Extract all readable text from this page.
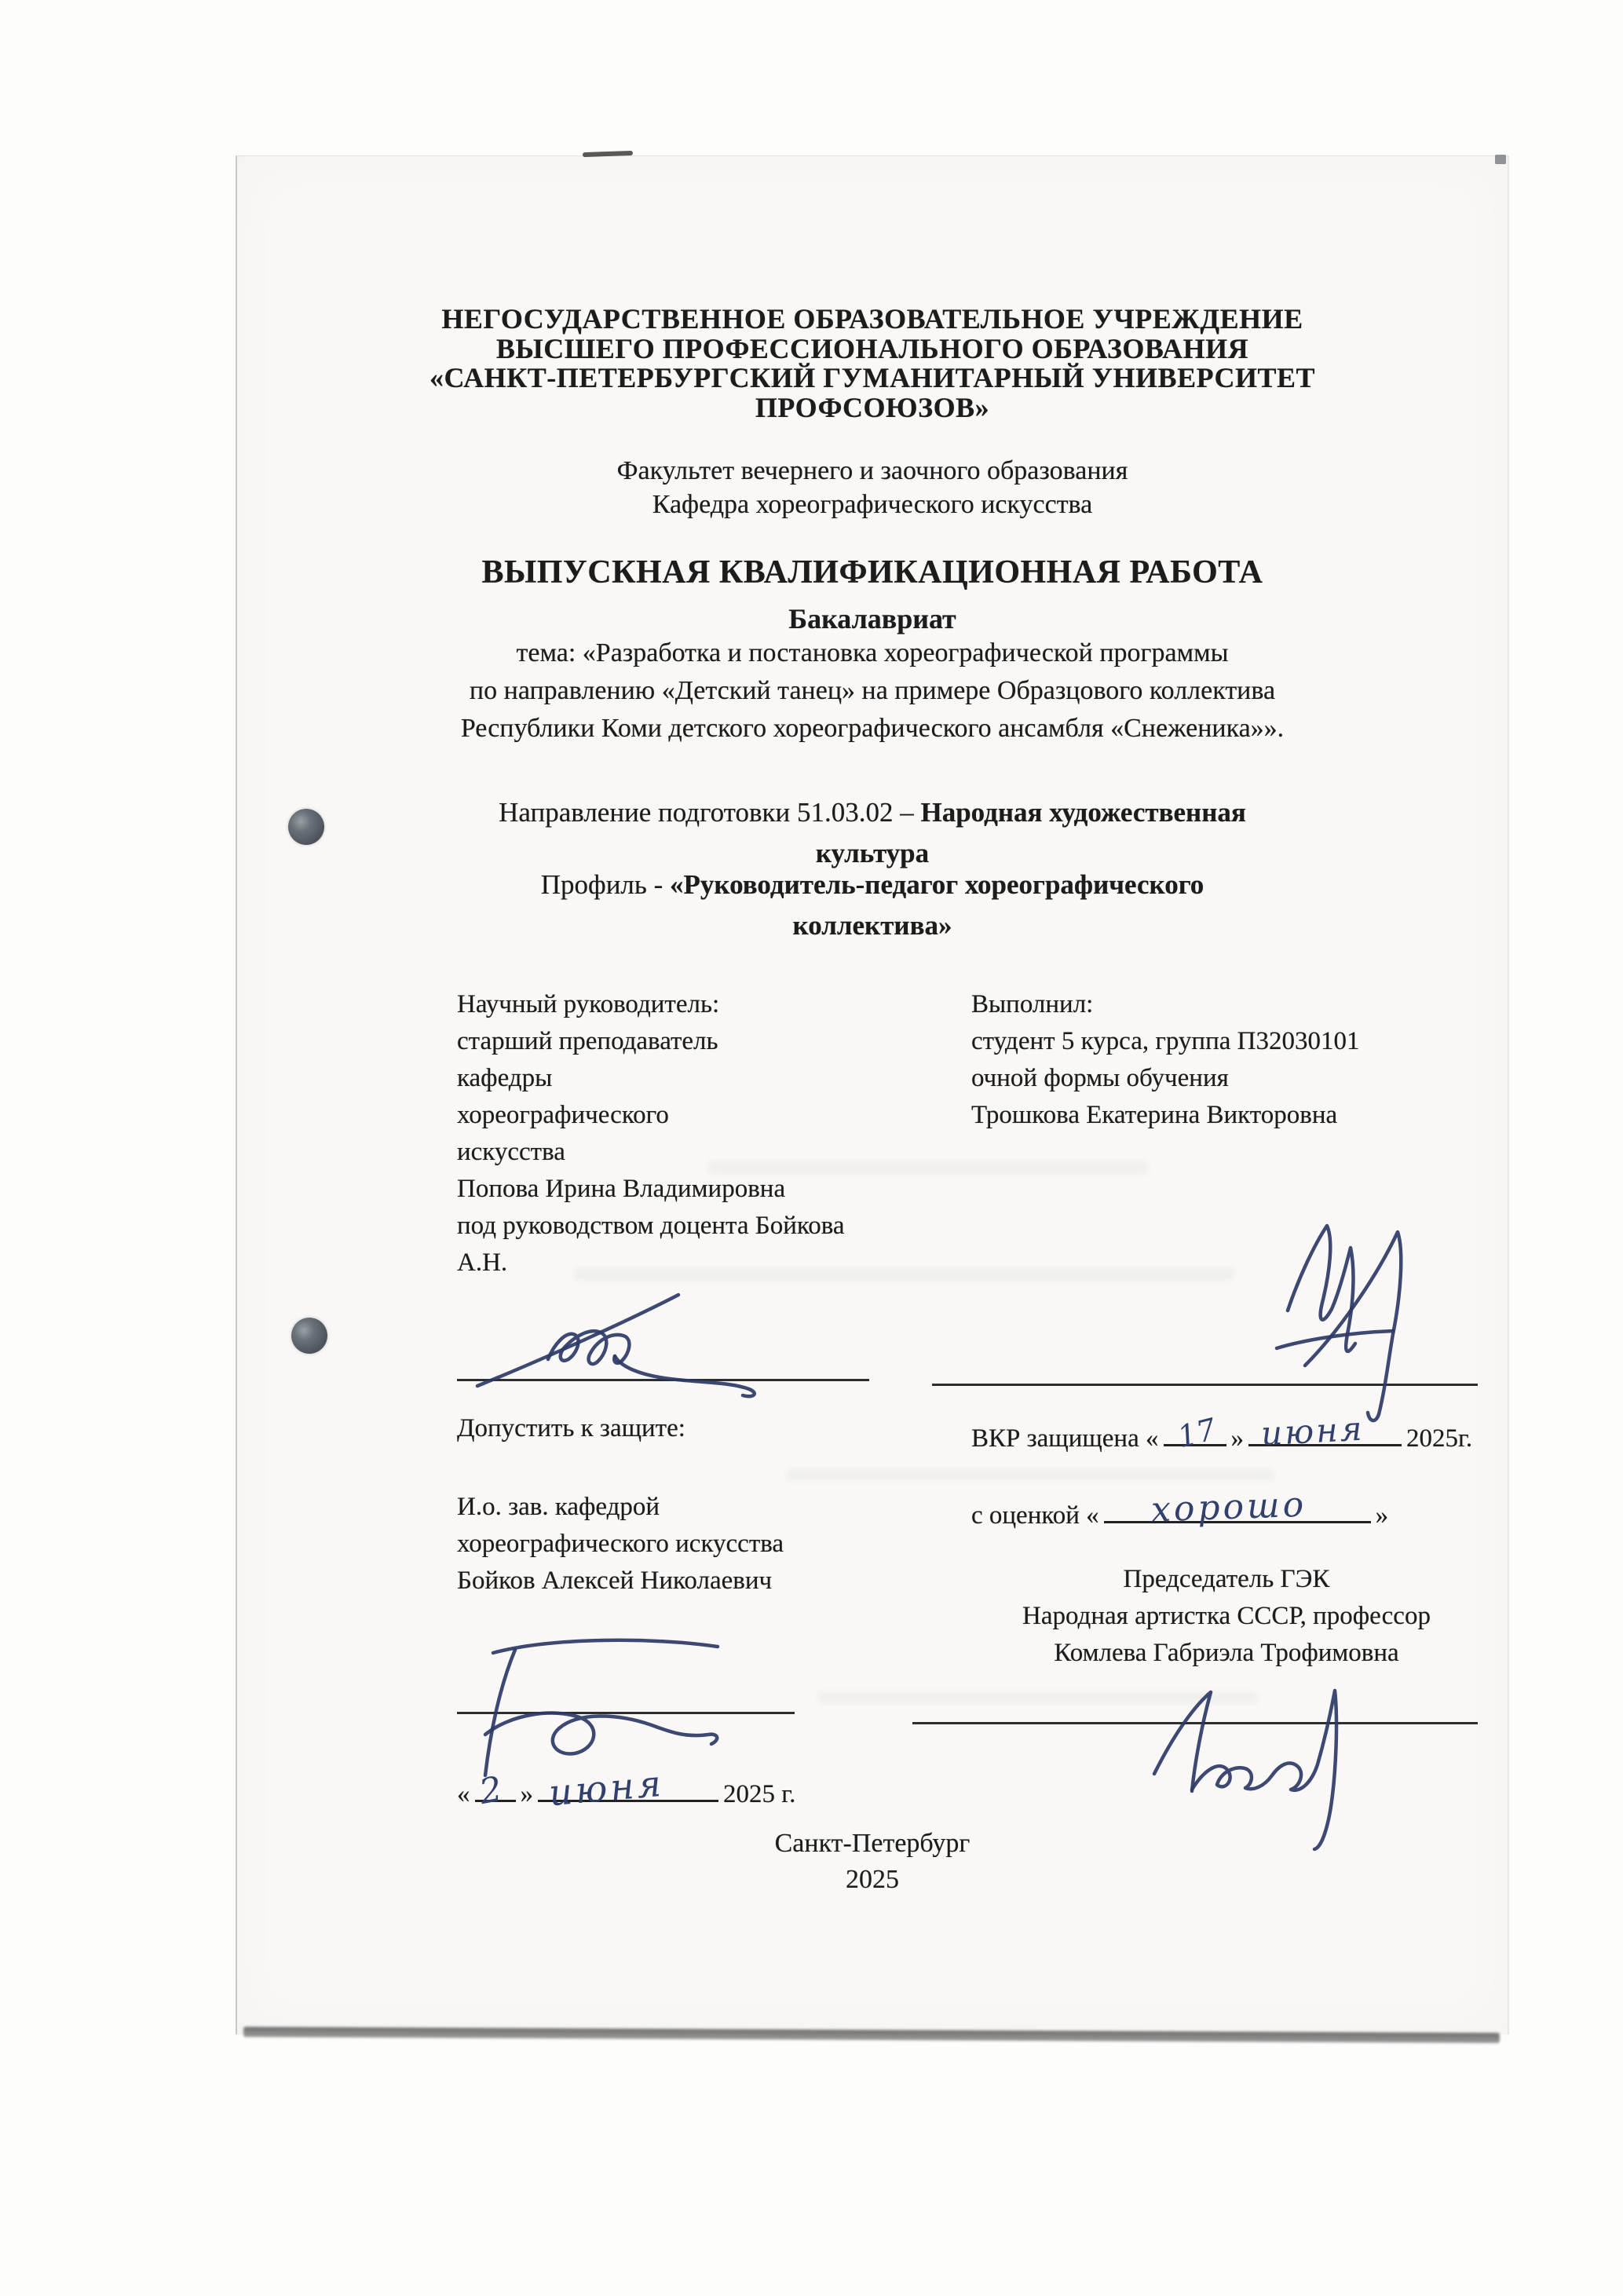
НЕГОСУДАРСТВЕННОЕ ОБРАЗОВАТЕЛЬНОЕ УЧРЕЖДЕНИЕ
ВЫСШЕГО ПРОФЕССИОНАЛЬНОГО ОБРАЗОВАНИЯ
«САНКТ-ПЕТЕРБУРГСКИЙ ГУМАНИТАРНЫЙ УНИВЕРСИТЕТ
ПРОФСОЮЗОВ»
Факультет вечернего и заочного образования
Кафедра хореографического искусства
ВЫПУСКНАЯ КВАЛИФИКАЦИОННАЯ РАБОТА
Бакалавриат
тема: «Разработка и постановка хореографической программы
по направлению «Детский танец» на примере Образцового коллектива
Республики Коми детского хореографического ансамбля «Снеженика»».
Направление подготовки 51.03.02 – Народная художественная
культура
Профиль - «Руководитель-педагог хореографического
коллектива»
Научный руководитель:
старший преподаватель
кафедры
хореографического
искусства
Попова Ирина Владимировна
под руководством доцента Бойкова
А.Н.
Выполнил:
студент 5 курса, группа П32030101
очной формы обучения
Трошкова Екатерина Викторовна
Допустить к защите:	ВКР защищена « 17 » июня 2025г.
И.о. зав. кафедрой	с оценкой « хорошо	»
хореографического искусства
Бойков Алексей Николаевич	Председатель ГЭК
Народная артистка СССР, профессор
Комлева Габриэла Трофимовна
« 2 » июня 2025 г.
Санкт-Петербург
2025
